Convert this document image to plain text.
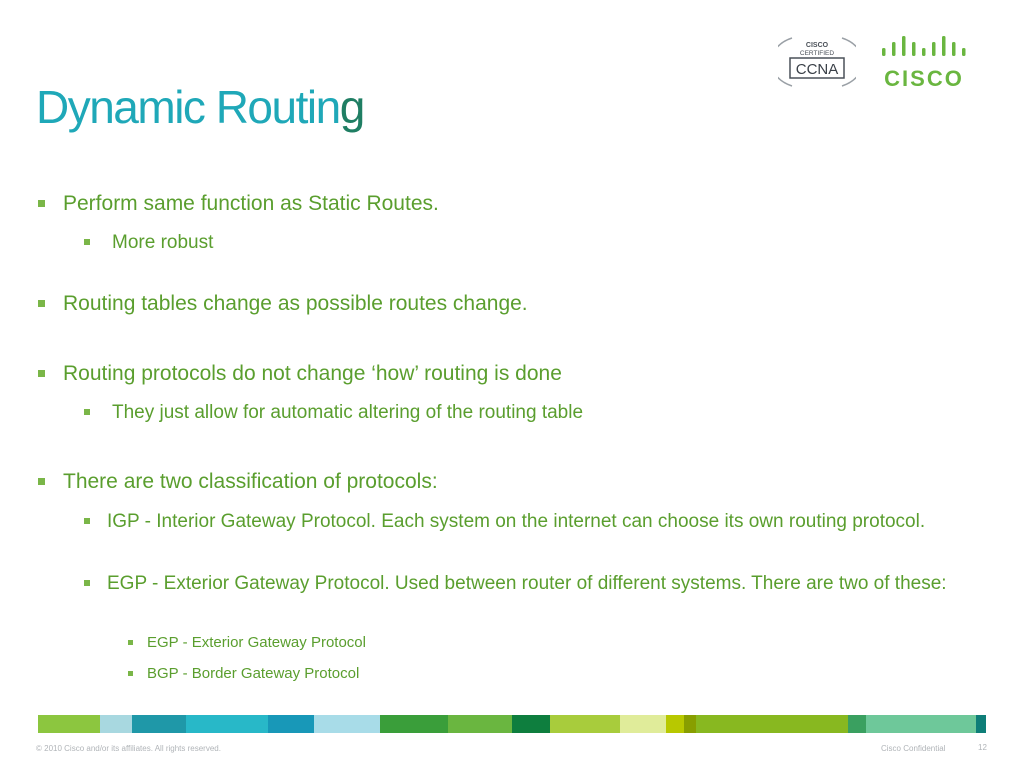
Dynamic Routing
CISCO
CERTIFIED
CCNA CISCO
Perform same function as Static Routes.
More robust
Routing tables change as possible routes change.
Routing protocols do not change ‘how’ routing is done
They just allow for automatic altering of the routing table
There are two classification of protocols:
IGP - Interior Gateway Protocol. Each system on the internet can choose its own routing protocol.
EGP - Exterior Gateway Protocol. Used between router of different systems. There are two of these:
EGP - Exterior Gateway Protocol
BGP - Border Gateway Protocol
© 2010 Cisco and/or its affiliates. All rights reserved.	Cisco Confidential	12
